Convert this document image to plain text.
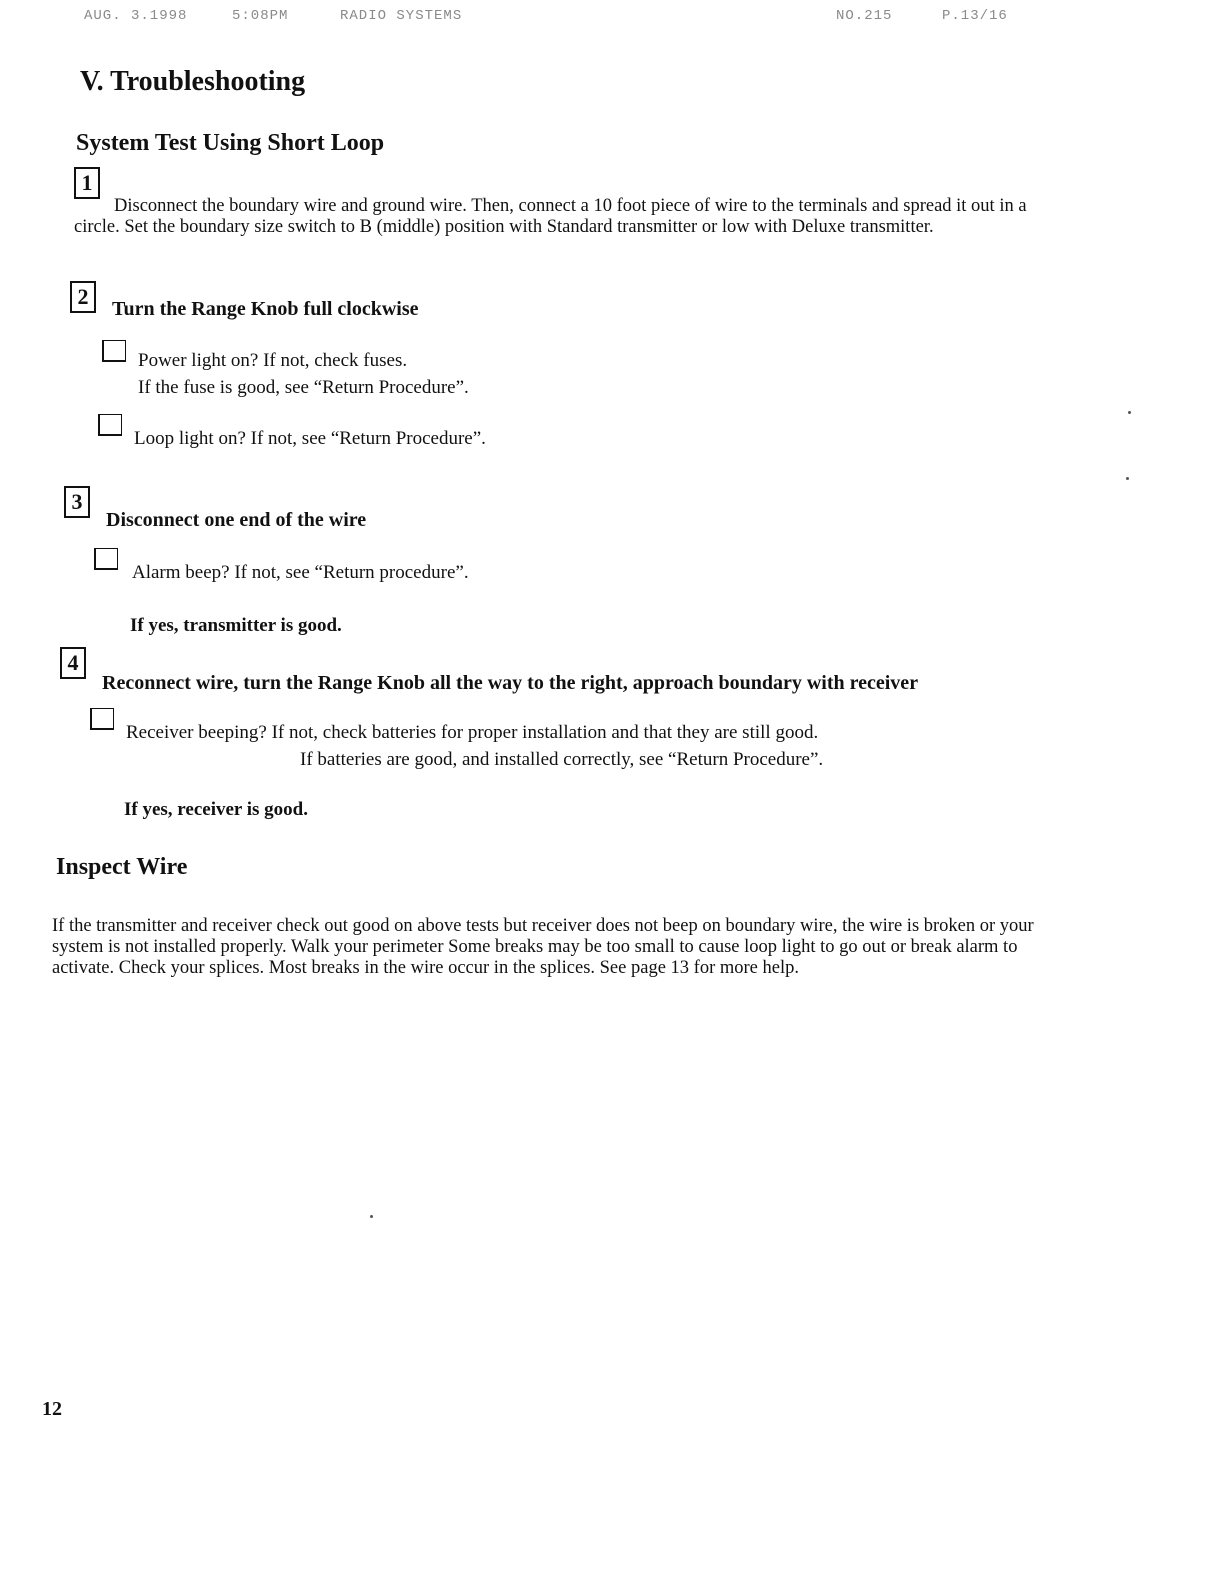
AUG. 3.1998	5:08PM	RADIO SYSTEMS	NO.215	P.13/16
V. Troubleshooting
System Test Using Short Loop
1
Disconnect the boundary wire and ground wire. Then, connect a 10 foot piece of wire to the terminals and spread it out in a circle. Set the boundary size switch to B (middle) position with Standard transmitter or low with Deluxe transmitter.
2	Turn the Range Knob full clockwise
Power light on? If not, check fuses.
If the fuse is good, see “Return Procedure”.
Loop light on? If not, see “Return Procedure”.
3
Disconnect one end of the wire
Alarm beep? If not, see “Return procedure”.
If yes, transmitter is good.
4
Reconnect wire, turn the Range Knob all the way to the right, approach boundary with receiver
Receiver beeping? If not, check batteries for proper installation and that they are still good.
If batteries are good, and installed correctly, see “Return Procedure”.
If yes, receiver is good.
Inspect Wire
If the transmitter and receiver check out good on above tests but receiver does not beep on boundary wire, the wire is broken or your system is not installed properly. Walk your perimeter Some breaks may be too small to cause loop light to go out or break alarm to activate. Check your splices. Most breaks in the wire occur in the splices. See page 13 for more help.
12
